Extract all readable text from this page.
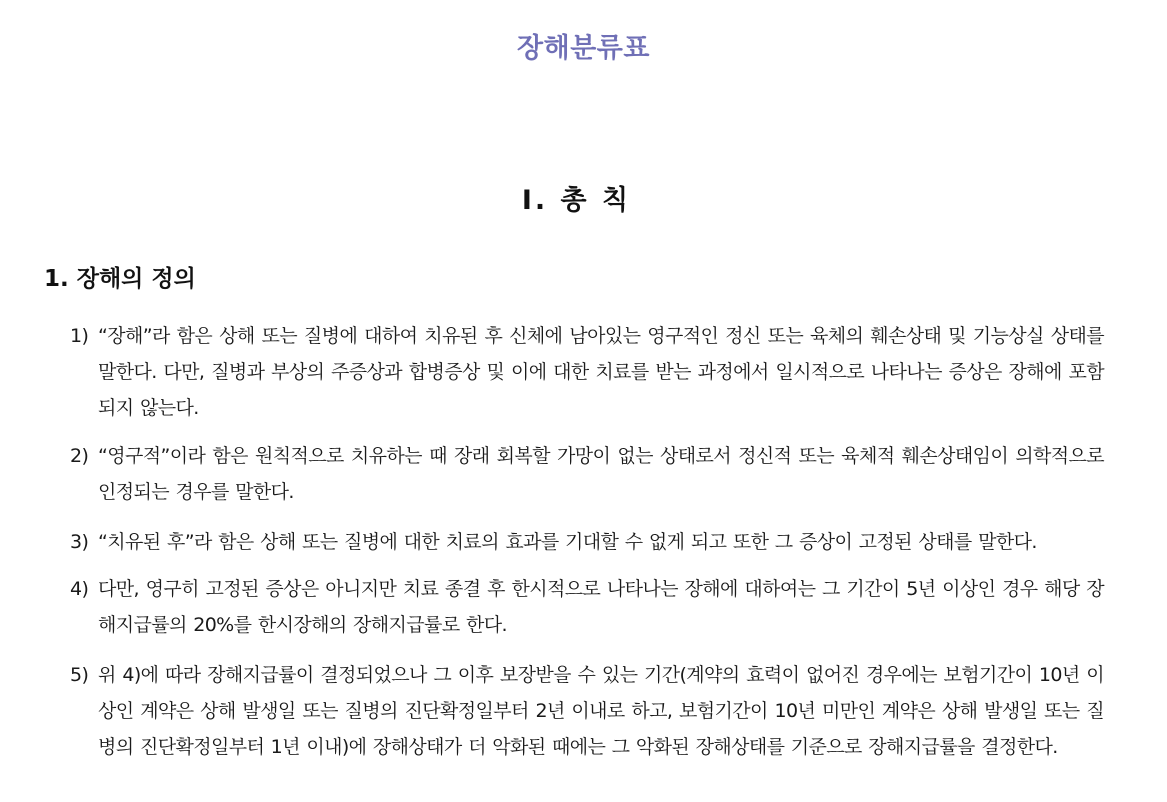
장해분류표
Ⅰ. 총 칙
1. 장해의 정의
1) “장해”라 함은 상해 또는 질병에 대하여 치유된 후 신체에 남아있는 영구적인 정신 또는 육체의 훼손상태 및 기능상실 상태를 말한다. 다만, 질병과 부상의 주증상과 합병증상 및 이에 대한 치료를 받는 과정에서 일시적으로 나타나는 증상은 장해에 포함되지 않는다.
2) “영구적”이라 함은 원칙적으로 치유하는 때 장래 회복할 가망이 없는 상태로서 정신적 또는 육체적 훼손상태임이 의학적으로 인정되는 경우를 말한다.
3) “치유된 후”라 함은 상해 또는 질병에 대한 치료의 효과를 기대할 수 없게 되고 또한 그 증상이 고정된 상태를 말한다.
4) 다만, 영구히 고정된 증상은 아니지만 치료 종결 후 한시적으로 나타나는 장해에 대하여는 그 기간이 5년 이상인 경우 해당 장해지급률의 20%를 한시장해의 장해지급률로 한다.
5) 위 4)에 따라 장해지급률이 결정되었으나 그 이후 보장받을 수 있는 기간(계약의 효력이 없어진 경우에는 보험기간이 10년 이상인 계약은 상해 발생일 또는 질병의 진단확정일부터 2년 이내로 하고, 보험기간이 10년 미만인 계약은 상해 발생일 또는 질병의 진단확정일부터 1년 이내)에 장해상태가 더 악화된 때에는 그 악화된 장해상태를 기준으로 장해지급률을 결정한다.
